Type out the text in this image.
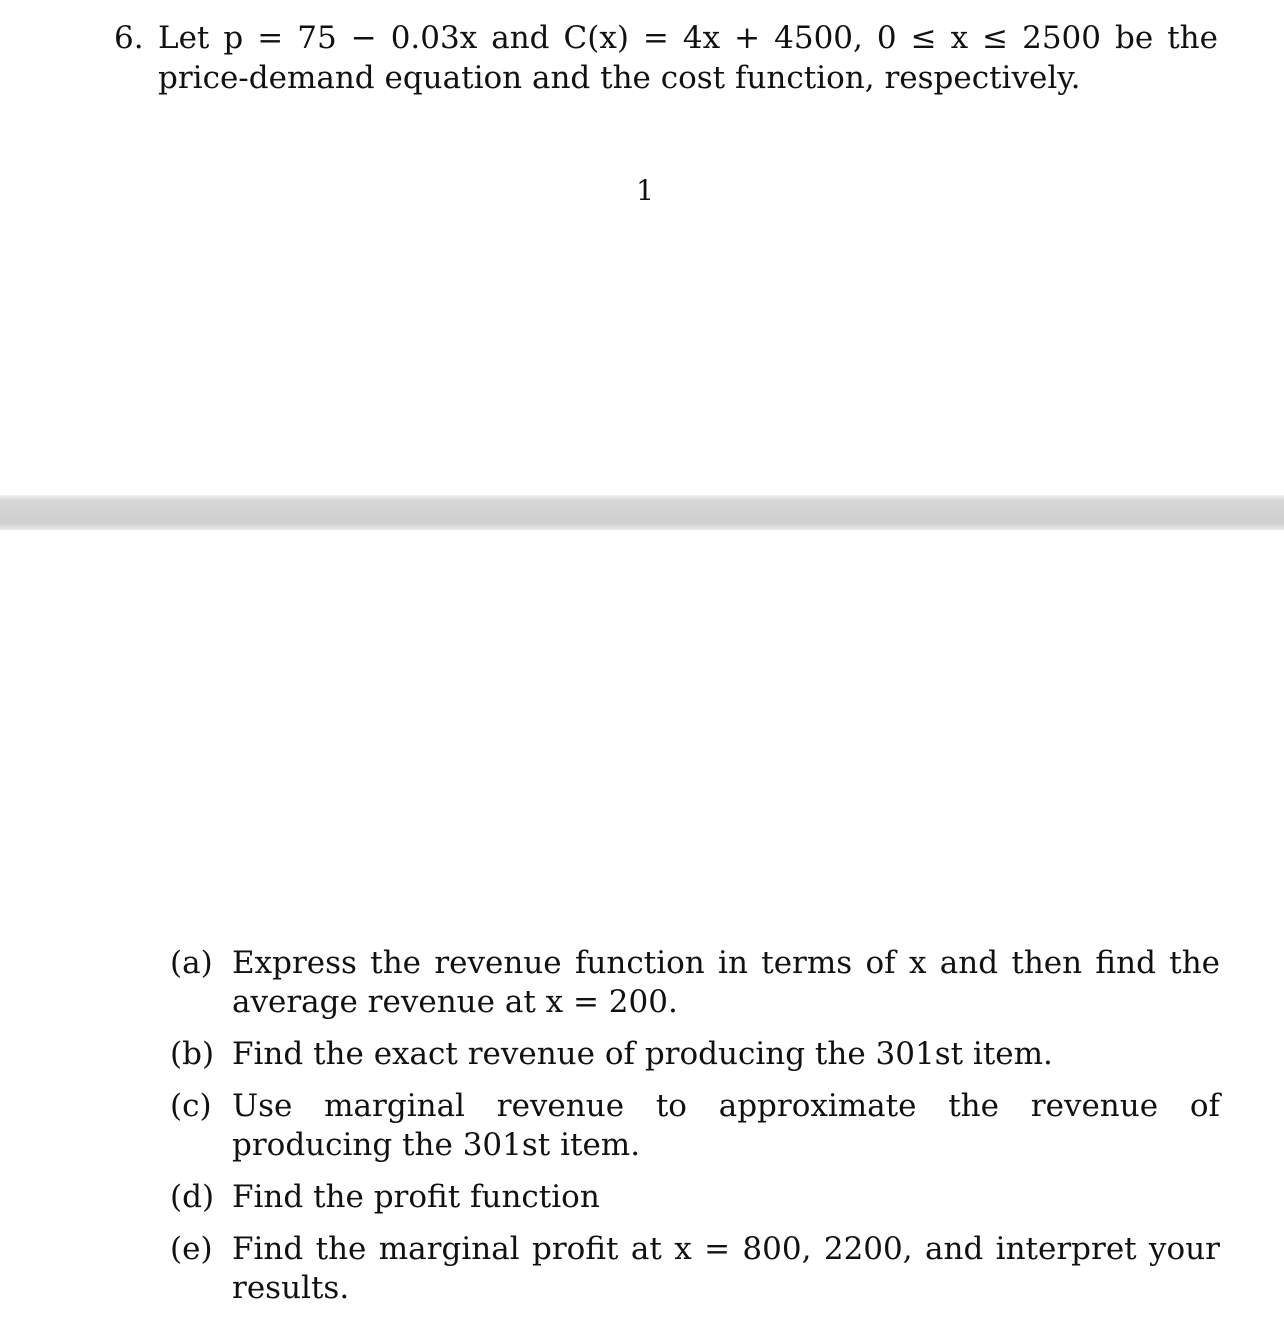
6. Let p = 75 − 0.03x and C(x) = 4x + 4500, 0 ≤ x ≤ 2500 be the price-demand equation and the cost function, respectively.
1
(a) Express the revenue function in terms of x and then find the average revenue at x = 200.
(b) Find the exact revenue of producing the 301st item.
(c) Use marginal revenue to approximate the revenue of producing the 301st item.
(d) Find the profit function
(e) Find the marginal profit at x = 800, 2200, and interpret your results.
